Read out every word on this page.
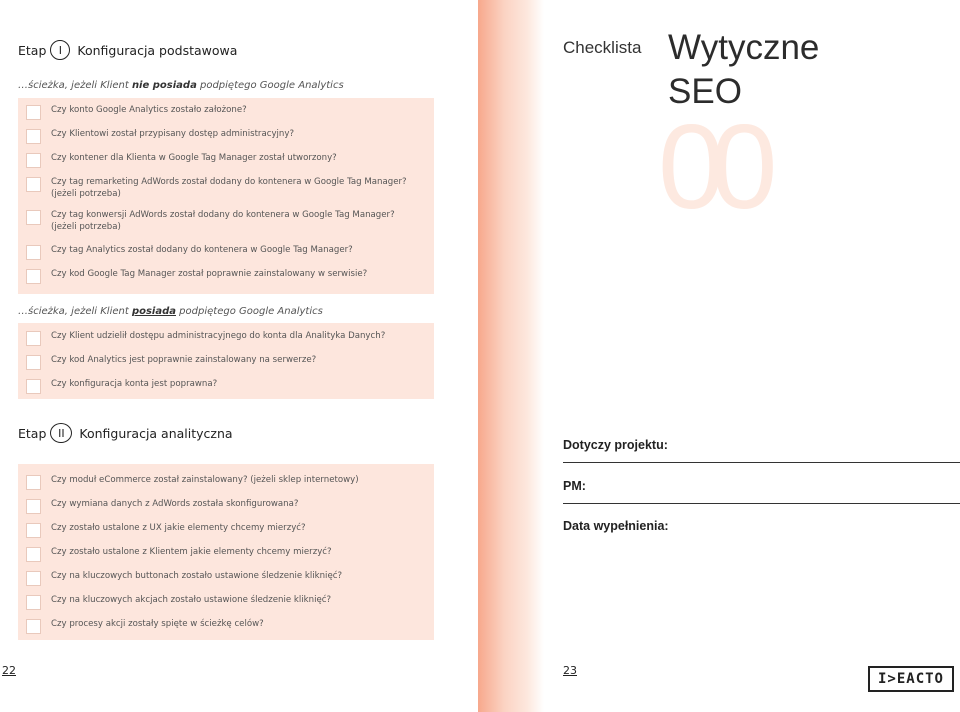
Etap	I	Konfiguracja podstawowa
…ścieżka, jeżeli Klient nie posiada podpiętego Google Analytics
Czy konto Google Analytics zostało założone?
Czy Klientowi został przypisany dostęp administracyjny?
Czy kontener dla Klienta w Google Tag Manager został utworzony?
Czy tag remarketing AdWords został dodany do kontenera w Google Tag Manager?
(jeżeli potrzeba)
Czy tag konwersji AdWords został dodany do kontenera w Google Tag Manager?
(jeżeli potrzeba)
Czy tag Analytics został dodany do kontenera w Google Tag Manager?
Czy kod Google Tag Manager został poprawnie zainstalowany w serwisie?
…ścieżka, jeżeli Klient posiada podpiętego Google Analytics
Czy Klient udzielił dostępu administracyjnego do konta dla Analityka Danych?
Czy kod Analytics jest poprawnie zainstalowany na serwerze?
Czy konfiguracja konta jest poprawna?
Etap	II	Konfiguracja analityczna
Czy moduł eCommerce został zainstalowany? (jeżeli sklep internetowy)
Czy wymiana danych z AdWords została skonfigurowana?
Czy zostało ustalone z UX jakie elementy chcemy mierzyć?
Czy zostało ustalone z Klientem jakie elementy chcemy mierzyć?
Czy na kluczowych buttonach zostało ustawione śledzenie kliknięć?
Czy na kluczowych akcjach zostało ustawione śledzenie kliknięć?
Czy procesy akcji zostały spięte w ścieżkę celów?
22
Checklista Wytyczne
SEO
00
Dotyczy projektu:
PM:
Data wypełnienia:
23
I>EACTO
